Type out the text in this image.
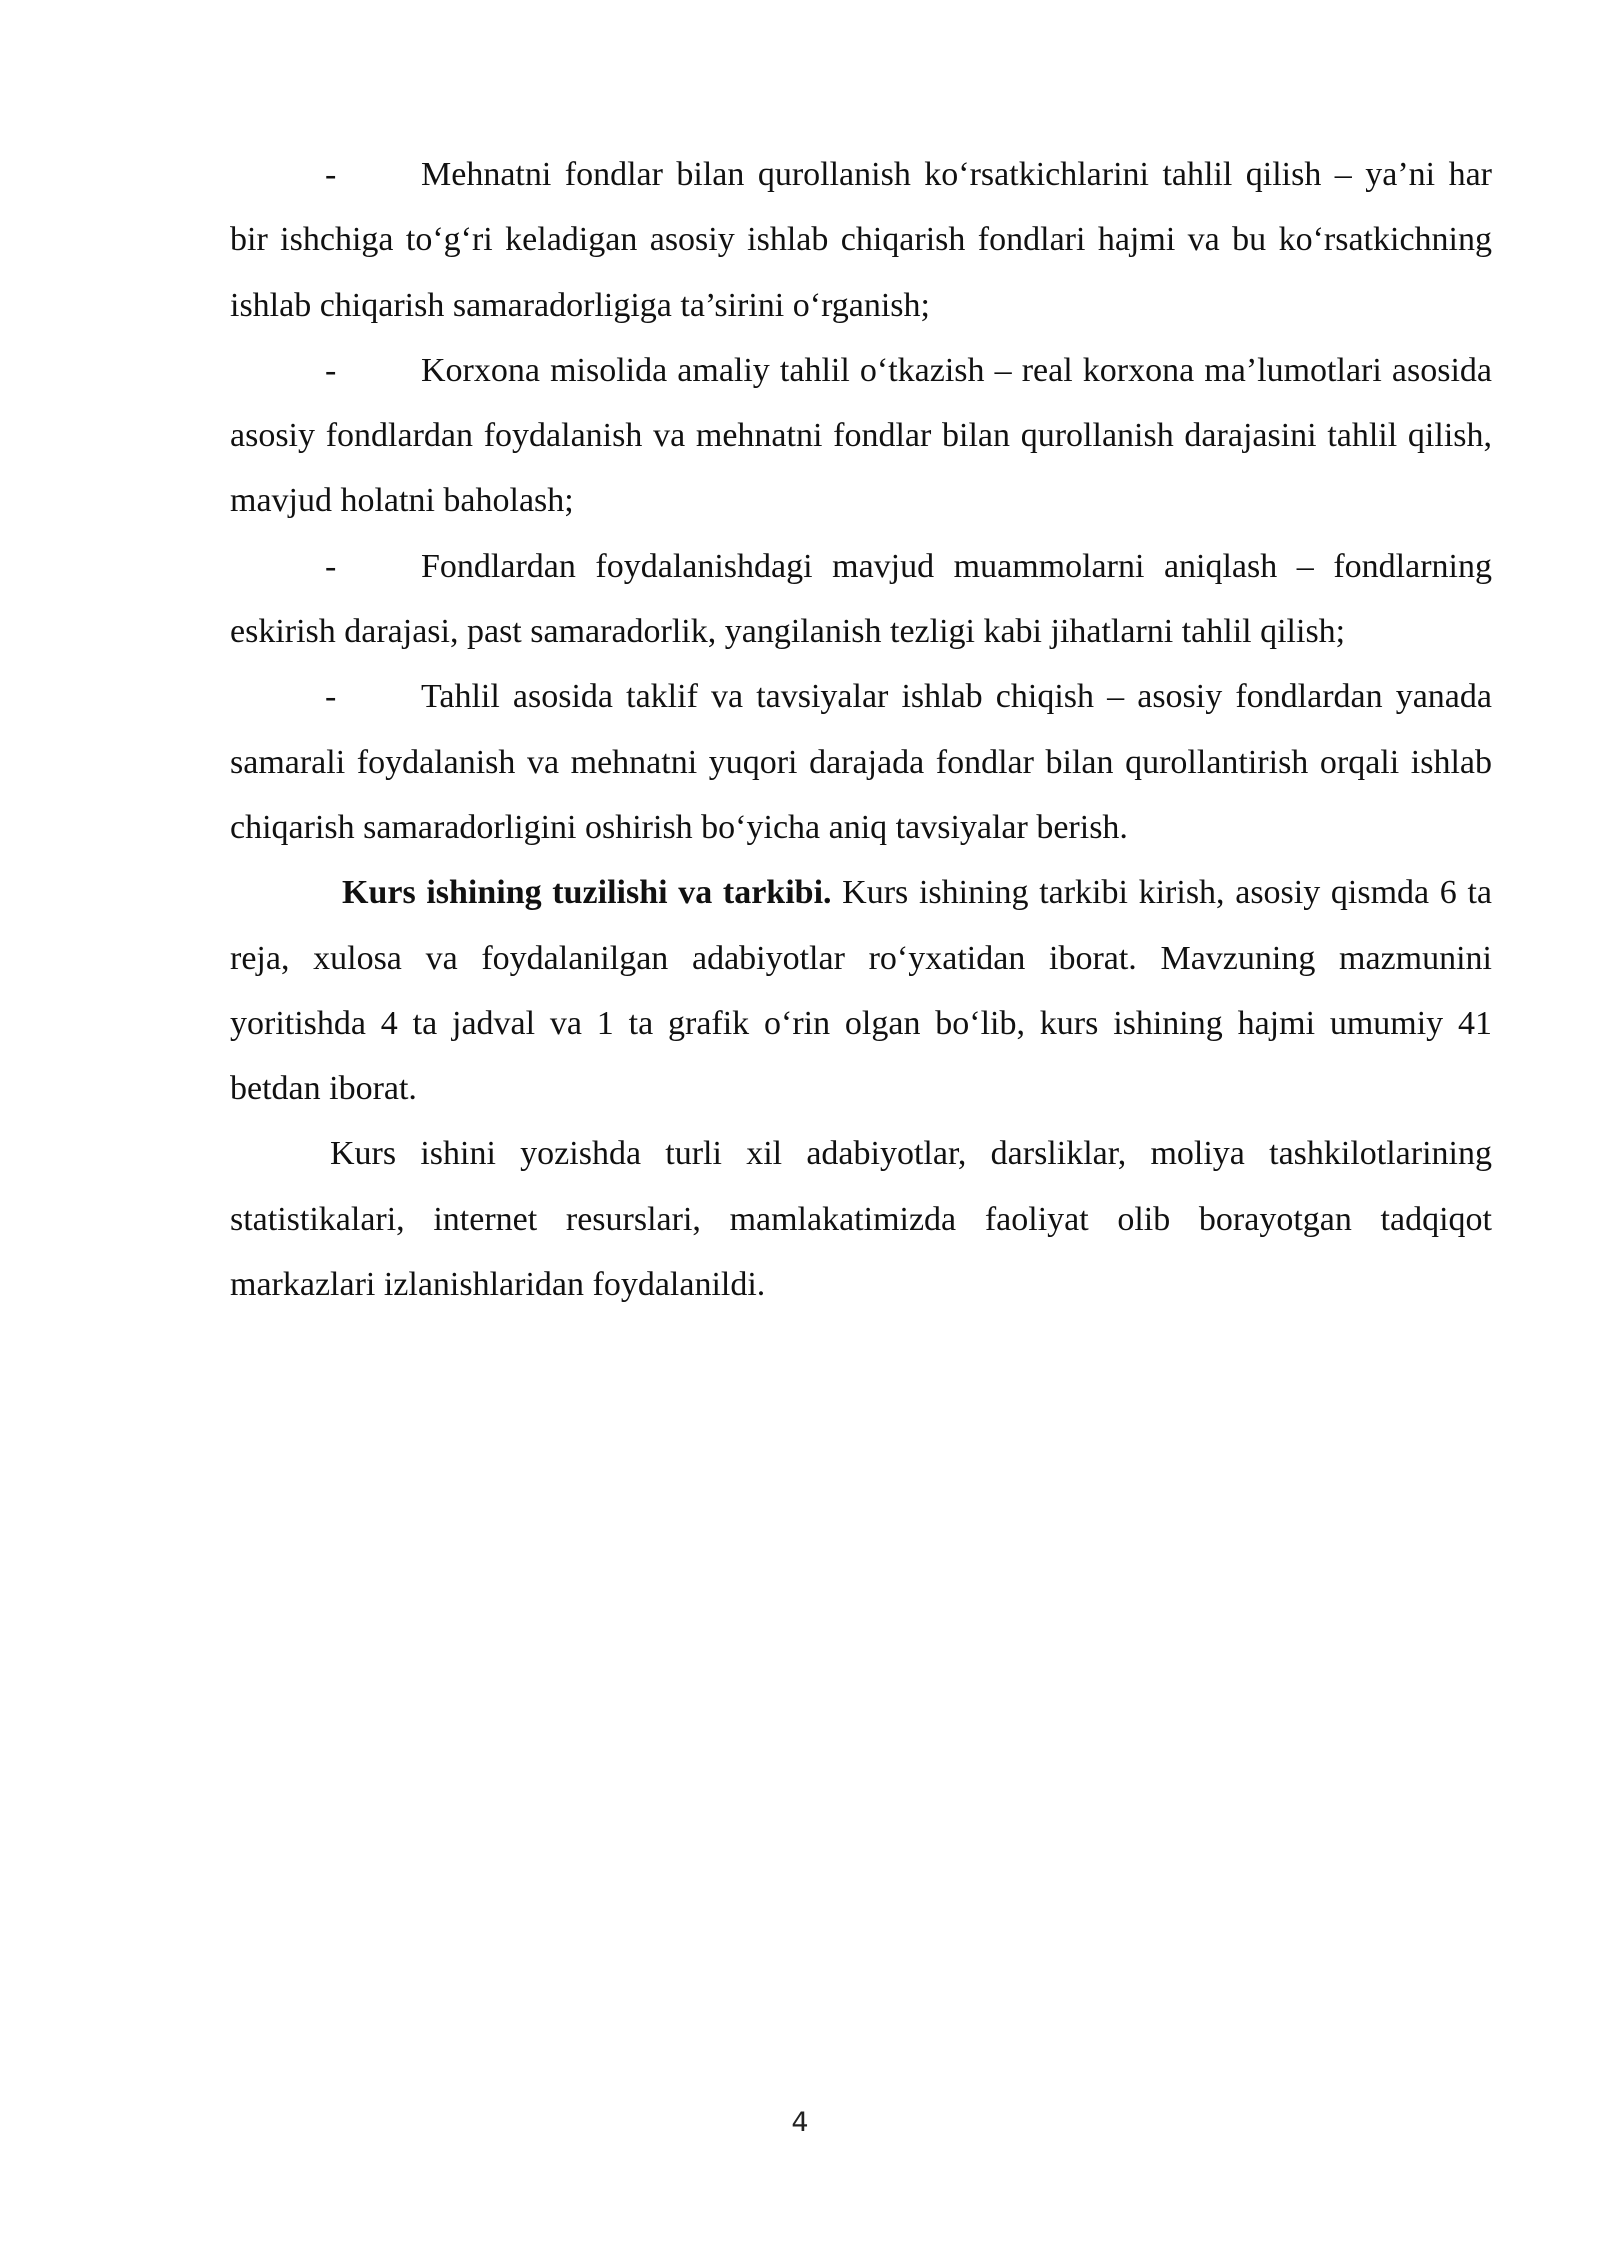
- Mehnatni fondlar bilan qurollanish ko‘rsatkichlarini tahlil qilish – ya’ni har bir ishchiga to‘g‘ri keladigan asosiy ishlab chiqarish fondlari hajmi va bu ko‘rsatkichning ishlab chiqarish samaradorligiga ta’sirini o‘rganish;

- Korxona misolida amaliy tahlil o‘tkazish – real korxona ma’lumotlari asosida asosiy fondlardan foydalanish va mehnatni fondlar bilan qurollanish darajasini tahlil qilish, mavjud holatni baholash;

- Fondlardan foydalanishdagi mavjud muammolarni aniqlash – fondlarning eskirish darajasi, past samaradorlik, yangilanish tezligi kabi jihatlarni tahlil qilish;

- Tahlil asosida taklif va tavsiyalar ishlab chiqish – asosiy fondlardan yanada samarali foydalanish va mehnatni yuqori darajada fondlar bilan qurollantirish orqali ishlab chiqarish samaradorligini oshirish bo‘yicha aniq tavsiyalar berish.

Kurs ishining tuzilishi va tarkibi. Kurs ishining tarkibi kirish, asosiy qismda 6 ta reja, xulosa va foydalanilgan adabiyotlar ro‘yxatidan iborat. Mavzuning mazmunini yoritishda 4 ta jadval va 1 ta grafik o‘rin olgan bo‘lib, kurs ishining hajmi umumiy 41 betdan iborat.

Kurs ishini yozishda turli xil adabiyotlar, darsliklar, moliya tashkilotlarining statistikalari, internet resurslari, mamlakatimizda faoliyat olib borayotgan tadqiqot markazlari izlanishlaridan foydalanildi.

4
